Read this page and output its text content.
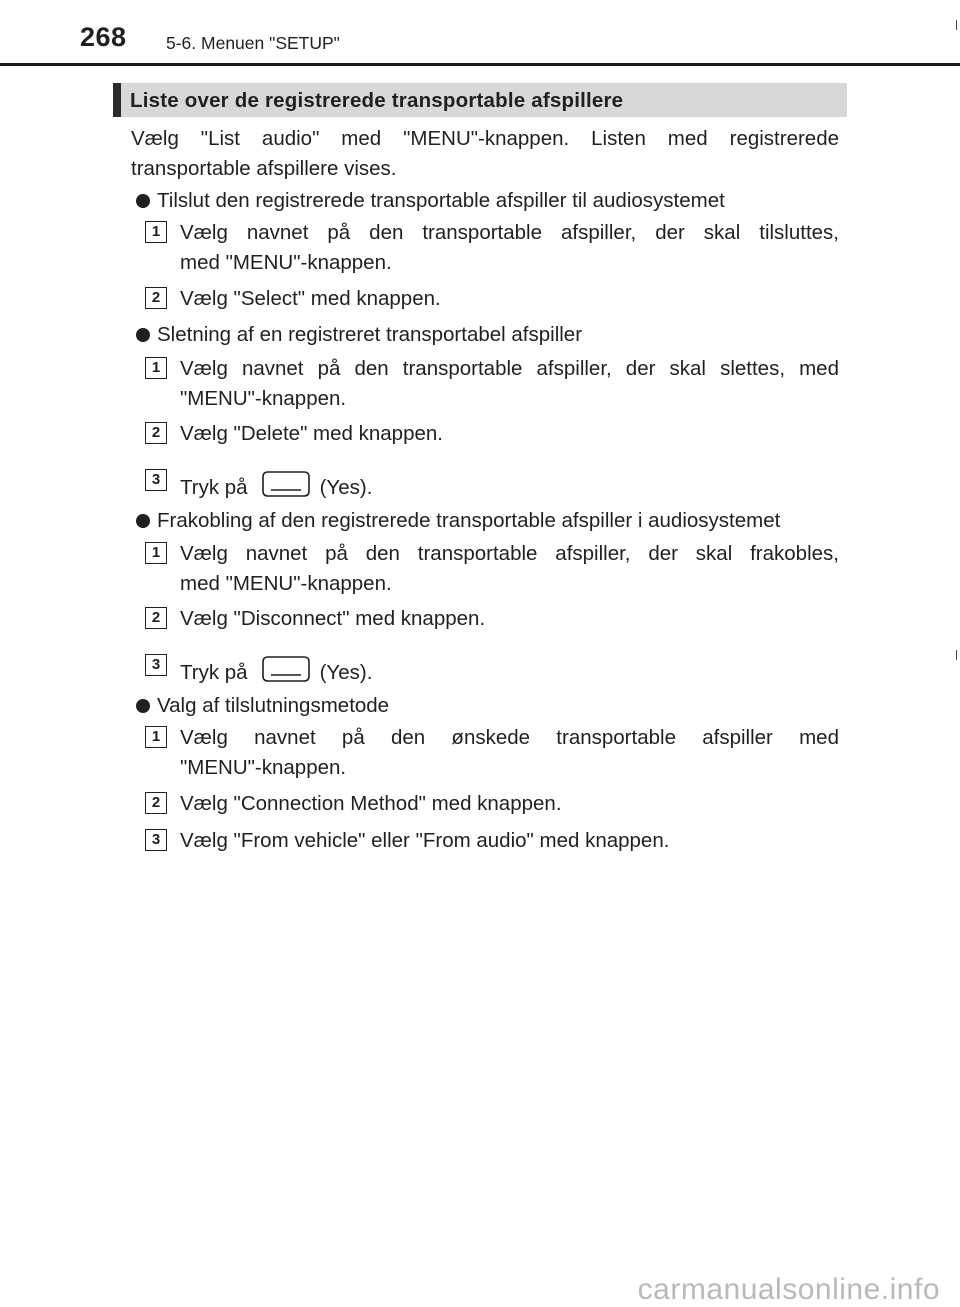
268 5-6. Menuen "SETUP"
Liste over de registrerede transportable afspillere
Vælg "List audio" med "MENU"-knappen. Listen med registrerede
transportable afspillere vises.
Tilslut den registrerede transportable afspiller til audiosystemet
1 Vælg navnet på den transportable afspiller, der skal tilsluttes,
med "MENU"-knappen.
2 Vælg "Select" med knappen.
Sletning af en registreret transportabel afspiller
1 Vælg navnet på den transportable afspiller, der skal slettes, med
"MENU"-knappen.
2 Vælg "Delete" med knappen.
3 Tryk på	(Yes).
Frakobling af den registrerede transportable afspiller i audiosystemet
1 Vælg navnet på den transportable afspiller, der skal frakobles,
med "MENU"-knappen.
2 Vælg "Disconnect" med knappen.
3 Tryk på	(Yes).
Valg af tilslutningsmetode
1 Vælg navnet på den ønskede transportable afspiller med
"MENU"-knappen.
2 Vælg "Connection Method" med knappen.
3 Vælg "From vehicle" eller "From audio" med knappen.
carmanualsonline.info
